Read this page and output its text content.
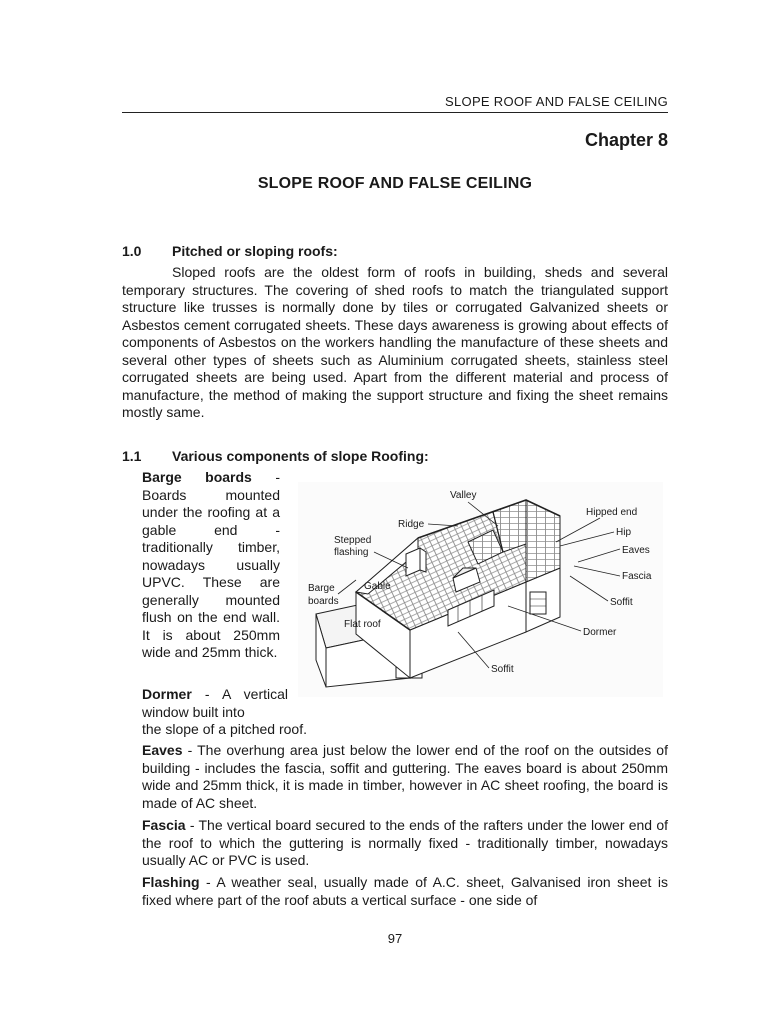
SLOPE ROOF AND FALSE CEILING
Chapter 8
SLOPE ROOF AND FALSE CEILING
1.0 Pitched or sloping roofs:

Sloped roofs are the oldest form of roofs in building, sheds and several temporary structures. The covering of shed roofs to match the triangulated support structure like trusses is normally done by tiles or corrugated Galvanized sheets or Asbestos cement corrugated sheets. These days awareness is growing about effects of components of Asbestos on the workers handling the manufacture of these sheets and several other types of sheets such as Aluminium corrugated sheets, stainless steel corrugated sheets are being used. Apart from the different material and process of manufacture, the method of making the support structure and fixing the sheet remains mostly same.

1.1 Various components of slope Roofing:
Barge boards - Boards mounted under the roofing at a gable end - traditionally timber, nowadays usually UPVC. These are generally mounted flush on the end wall. It is about 250mm wide and 25mm thick.
Dormer - A vertical window built into
the slope of a pitched roof.

Eaves - The overhung area just below the lower end of the roof on the outsides of building - includes the fascia, soffit and guttering. The eaves board is about 250mm wide and 25mm thick, it is made in timber, however in AC sheet roofing, the board is made of AC sheet.

Fascia - The vertical board secured to the ends of the rafters under the lower end of the roof to which the guttering is normally fixed - traditionally timber, nowadays usually AC or PVC is used.

Flashing - A weather seal, usually made of A.C. sheet, Galvanised iron sheet is fixed where part of the roof abuts a vertical surface - one side of

Valley
Ridge
Hipped end
Hip
Stepped
flashing	Eaves
Fascia
Barge
boards
Gable
Soffit
Flat roof
Dormer
Soffit
97
